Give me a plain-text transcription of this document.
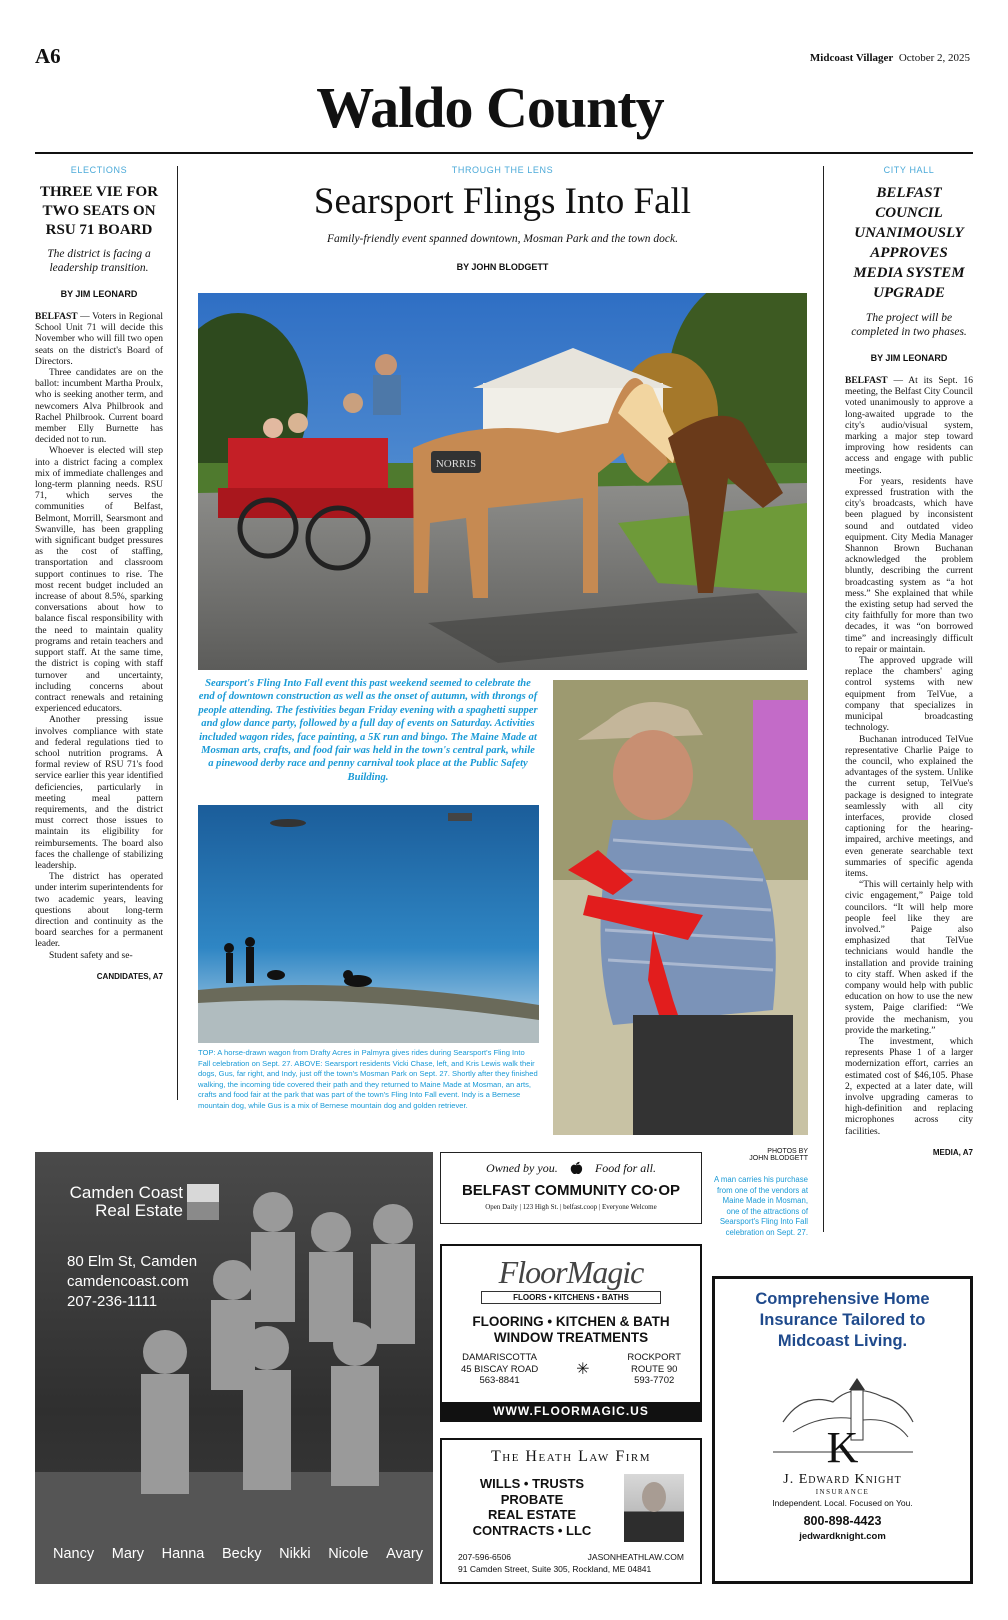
A6	Midcoast Villager October 2, 2025
Waldo County
ELECTIONS
THREE VIE FOR TWO SEATS ON RSU 71 BOARD
The district is facing a leadership transition.
BY JIM LEONARD

BELFAST — Voters in Regional School Unit 71 will decide this November who will fill two open seats on the district's Board of Directors.

Three candidates are on the ballot: incumbent Martha Proulx, who is seeking another term, and newcomers Alva Philbrook and Rachel Philbrook. Current board member Elly Burnette has decided not to run.

Whoever is elected will step into a district facing a complex mix of immediate challenges and long-term planning needs. RSU 71, which serves the communities of Belfast, Belmont, Morrill, Searsmont and Swanville, has been grappling with significant budget pressures as the cost of staffing, transportation and classroom support continues to rise. The most recent budget included an increase of about 8.5%, sparking conversations about how to balance fiscal responsibility with the need to maintain quality programs and retain teachers and support staff. At the same time, the district is coping with staff turnover and uncertainty, including concerns about contract renewals and retaining experienced educators.

Another pressing issue involves compliance with state and federal regulations tied to school nutrition programs. A formal review of RSU 71's food service earlier this year identified deficiencies, particularly in meeting meal pattern requirements, and the district must correct those issues to maintain its eligibility for reimbursements. The board also faces the challenge of stabilizing leadership.

The district has operated under interim superintendents for two academic years, leaving questions about long-term direction and continuity as the board searches for a permanent leader.

Student safety and se-

CANDIDATES, A7
THROUGH THE LENS
Searsport Flings Into Fall
Family-friendly event spanned downtown, Mosman Park and the town dock.
BY JOHN BLODGETT
NORRIS
Searsport's Fling Into Fall event this past weekend seemed to celebrate the end of downtown construction as well as the onset of autumn, with throngs of people attending. The festivities began Friday evening with a spaghetti supper and glow dance party, followed by a full day of events on Saturday. Activities included wagon rides, face painting, a 5K run and bingo. The Maine Made at Mosman arts, crafts, and food fair was held in the town's central park, while a pinewood derby race and penny carnival took place at the Public Safety Building.
TOP: A horse-drawn wagon from Drafty Acres in Palmyra gives rides during Searsport's Fling Into Fall celebration on Sept. 27. ABOVE: Searsport residents Vicki Chase, left, and Kris Lewis walk their dogs, Gus, far right, and Indy, just off the town's Mosman Park on Sept. 27. Shortly after they finished walking, the incoming tide covered their path and they returned to Maine Made at Mosman, an arts, crafts and food fair at the park that was part of the town's Fling Into Fall event. Indy is a Bernese mountain dog, while Gus is a mix of Bernese mountain dog and golden retriever.
PHOTOS BY
JOHN BLODGETT
A man carries his purchase from one of the vendors at Maine Made in Mosman, one of the attractions of Searsport's Fling Into Fall celebration on Sept. 27.
CITY HALL
BELFAST COUNCIL UNANIMOUSLY APPROVES MEDIA SYSTEM UPGRADE
The project will be completed in two phases.
BY JIM LEONARD

BELFAST — At its Sept. 16 meeting, the Belfast City Council voted unanimously to approve a long-awaited upgrade to the city's audio/visual system, marking a major step toward improving how residents can access and engage with public meetings.

For years, residents have expressed frustration with the city's broadcasts, which have been plagued by inconsistent sound and outdated video equipment. City Media Manager Shannon Brown Buchanan acknowledged the problem bluntly, describing the current broadcasting system as “a hot mess.” She explained that while the existing setup had served the city faithfully for more than two decades, it was “on borrowed time” and increasingly difficult to repair or maintain.

The approved upgrade will replace the chambers' aging control systems with new equipment from TelVue, a company that specializes in municipal broadcasting technology.

Buchanan introduced TelVue representative Charlie Paige to the council, who explained the advantages of the system. Unlike the current setup, TelVue's package is designed to integrate seamlessly with all city interfaces, provide closed captioning for the hearing-impaired, archive meetings, and even generate searchable text summaries of specific agenda items.

“This will certainly help with civic engagement,” Paige told councilors. “It will help more people feel like they are involved.” Paige also emphasized that TelVue technicians would handle the installation and provide training to city staff. When asked if the company would help with public education on how to use the new system, Paige clarified: “We provide the mechanism, you provide the marketing.”

The investment, which represents Phase 1 of a larger modernization effort, carries an estimated cost of $46,105. Phase 2, expected at a later date, will involve upgrading cameras to high-definition and replacing microphones across city facilities.

MEDIA, A7
Camden Coast
Real Estate
80 Elm St, Camden
camdencoast.com
207-236-1111
Nancy Mary Hanna Becky Nikki Nicole Avary
Owned by you. 🍎︎ Food for all.
BELFAST COMMUNITY CO·OP
Open Daily | 123 High St. | belfast.coop | Everyone Welcome
FloorMagic
FLOORS • KITCHENS • BATHS
FLOORING • KITCHEN & BATH
WINDOW TREATMENTS
DAMARISCOTTA
45 BISCAY ROAD
563-8841
✳
ROCKPORT
ROUTE 90
593-7702
WWW.FLOORMAGIC.US
The Heath Law Firm
WILLS • TRUSTS
PROBATE
REAL ESTATE
CONTRACTS • LLC
207-596-6506	JASONHEATHLAW.COM
91 Camden Street, Suite 305, Rockland, ME 04841
Comprehensive Home Insurance Tailored to Midcoast Living.
K
J. Edward Knight
INSURANCE
Independent. Local. Focused on You.
800-898-4423
jedwardknight.com
